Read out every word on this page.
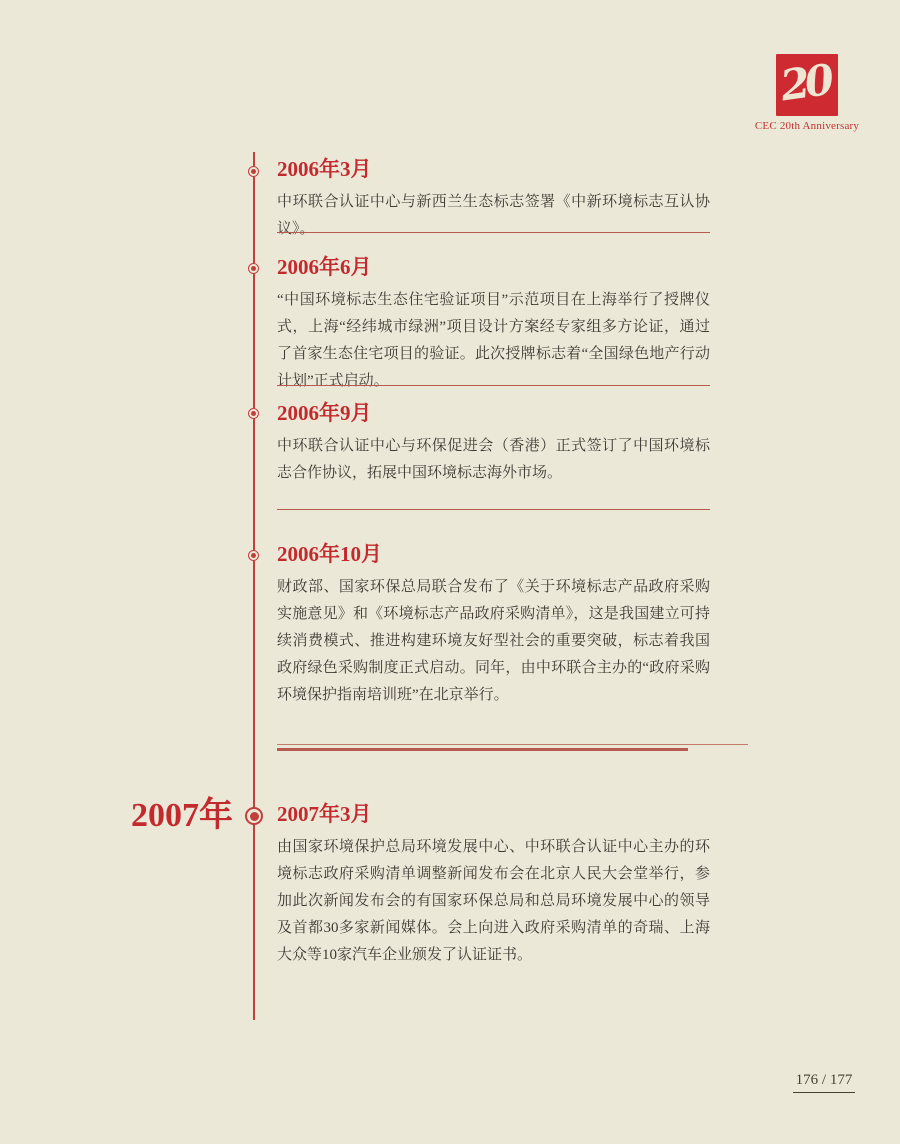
20
CEC 20th Anniversary
2007年
2006年3月

中环联合认证中心与新西兰生态标志签署《中新环境标志互认协议》。

2006年6月

“中国环境标志生态住宅验证项目”示范项目在上海举行了授牌仪式，上海“经纬城市绿洲”项目设计方案经专家组多方论证，通过了首家生态住宅项目的验证。此次授牌标志着“全国绿色地产行动计划”正式启动。

2006年9月

中环联合认证中心与环保促进会（香港）正式签订了中国环境标志合作协议，拓展中国环境标志海外市场。

2006年10月

财政部、国家环保总局联合发布了《关于环境标志产品政府采购实施意见》和《环境标志产品政府采购清单》，这是我国建立可持续消费模式、推进构建环境友好型社会的重要突破，标志着我国政府绿色采购制度正式启动。同年，由中环联合主办的“政府采购环境保护指南培训班”在北京举行。

2007年3月

由国家环境保护总局环境发展中心、中环联合认证中心主办的环境标志政府采购清单调整新闻发布会在北京人民大会堂举行，参加此次新闻发布会的有国家环保总局和总局环境发展中心的领导及首都30多家新闻媒体。会上向进入政府采购清单的奇瑞、上海大众等10家汽车企业颁发了认证证书。

176 / 177
